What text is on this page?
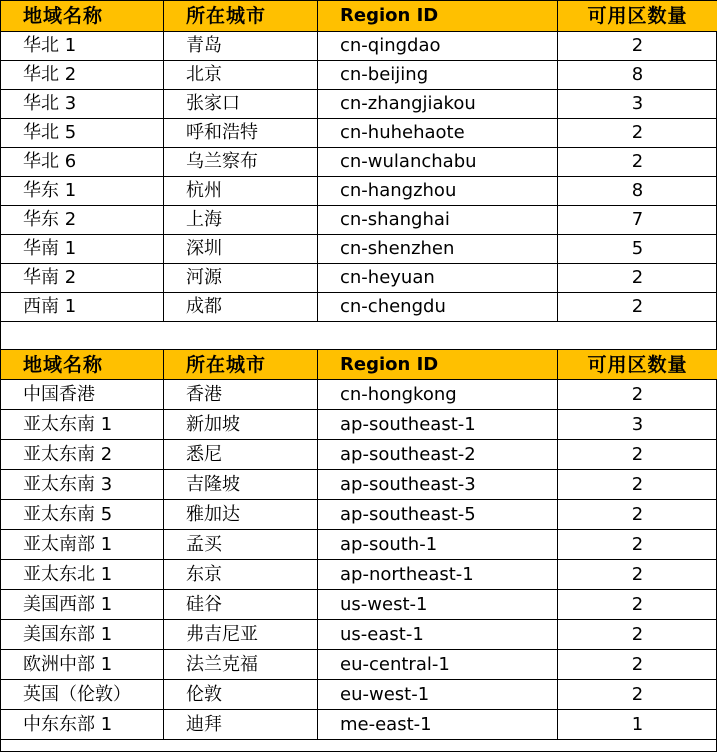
地域名称	所在城市	Region ID	可用区数量
华北 1	青岛	cn-qingdao	2
华北 2	北京	cn-beijing	8
华北 3	张家口	cn-zhangjiakou	3
华北 5	呼和浩特	cn-huhehaote	2
华北 6	乌兰察布	cn-wulanchabu	2
华东 1	杭州	cn-hangzhou	8
华东 2	上海	cn-shanghai	7
华南 1	深圳	cn-shenzhen	5
华南 2	河源	cn-heyuan	2
西南 1	成都	cn-chengdu	2
地域名称	所在城市	Region ID	可用区数量
中国香港	香港	cn-hongkong	2
亚太东南 1	新加坡	ap-southeast-1	3
亚太东南 2	悉尼	ap-southeast-2	2
亚太东南 3	吉隆坡	ap-southeast-3	2
亚太东南 5	雅加达	ap-southeast-5	2
亚太南部 1	孟买	ap-south-1	2
亚太东北 1	东京	ap-northeast-1	2
美国西部 1	硅谷	us-west-1	2
美国东部 1	弗吉尼亚	us-east-1	2
欧洲中部 1	法兰克福	eu-central-1	2
英国（伦敦）	伦敦	eu-west-1	2
中东东部 1	迪拜	me-east-1	1
